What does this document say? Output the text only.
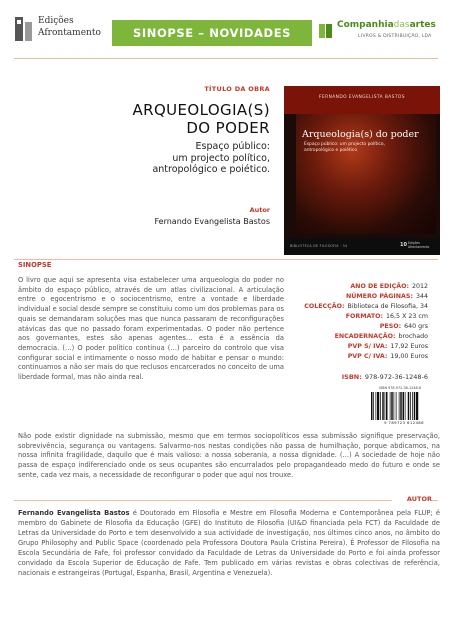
Edições
Afrontamento	SINOPSE – NOVIDADES
Companhiadasartes
LIVROS & DISTRIBUIÇÃO, LDA
TÍTULO DA OBRA
ARQUEOLOGIA(S)
DO PODER
Espaço público:
um projecto político,
antropológico e poiético.
Autor
Fernando Evangelista Bastos
FERNANDO EVANGELISTA BASTOS
Arqueologia(s) do poder
Espaço público: um projecto político,
antropológico e poiético
BIBLIOTECA DE FILOSOFIA · 34	10 Edições
Afrontamento
SINOPSE
O livro que aqui se apresenta visa estabelecer uma arqueologia do poder no âmbito do espaço público, através de um atlas civilizacional. A articulação entre o egocentrismo e o sociocentrismo, entre a vontade e liberdade individual e social desde sempre se constituiu como um dos problemas para os quais se demandaram soluções mas que nunca passaram de reconfigurações atávicas das que no passado foram experimentadas. O poder não pertence aos governantes, estes são apenas agentes… esta é a essência da democracia. (…) O poder político continua (…) parceiro do controlo que visa configurar social e intimamente o nosso modo de habitar e pensar o mundo: continuamos a não ser mais do que reclusos encarcerados no conceito de uma liberdade formal, mas não ainda real.
ANO DE EDIÇÃO: 2012
NÚMERO PÁGINAS: 344
COLECÇÃO: Biblioteca de Filosofia, 34
FORMATO: 16,5 X 23 cm
PESO: 640 grs
ENCADERNAÇÃO: brochado
PVP S/ IVA: 17,92 Euros
PVP C/ IVA: 19,00 Euros
ISBN: 978-972-36-1248-6
ISBN 978-972-36-1248-6
9 789723 612486
Não pode existir dignidade na submissão, mesmo que em termos sociopolíticos essa submissão signifique preservação, sobrevivência, segurança ou vantagens. Salvarmo-nos nestas condições não passa de humilhação, porque abdicamos, na nossa infinita fragilidade, daquilo que é mais valioso: a nossa soberania, a nossa dignidade. (…) A sociedade de hoje não passa de espaço indiferenciado onde os seus ocupantes são encurralados pelo propagandeado medo do futuro e onde se sente, cada vez mais, a necessidade de reconfigurar o poder que aqui nos trouxe.
AUTOR
Fernando Evangelista Bastos é Doutorado em Filosofia e Mestre em Filosofia Moderna e Contemporânea pela FLUP; é membro do Gabinete de Filosofia da Educação (GFE) do Instituto de Filosofia (UI&D financiada pela FCT) da Faculdade de Letras da Universidade do Porto e tem desenvolvido a sua actividade de investigação, nos últimos cinco anos, no âmbito do Grupo Philosophy and Public Space (coordenado pela Professora Doutora Paula Cristina Pereira). É Professor de Filosofia na Escola Secundária de Fafe, foi professor convidado da Faculdade de Letras da Universidade do Porto e foi ainda professor convidado da Escola Superior de Educação de Fafe. Tem publicado em várias revistas e obras colectivas de referência, nacionais e estrangeiras (Portugal, Espanha, Brasil, Argentina e Venezuela).
